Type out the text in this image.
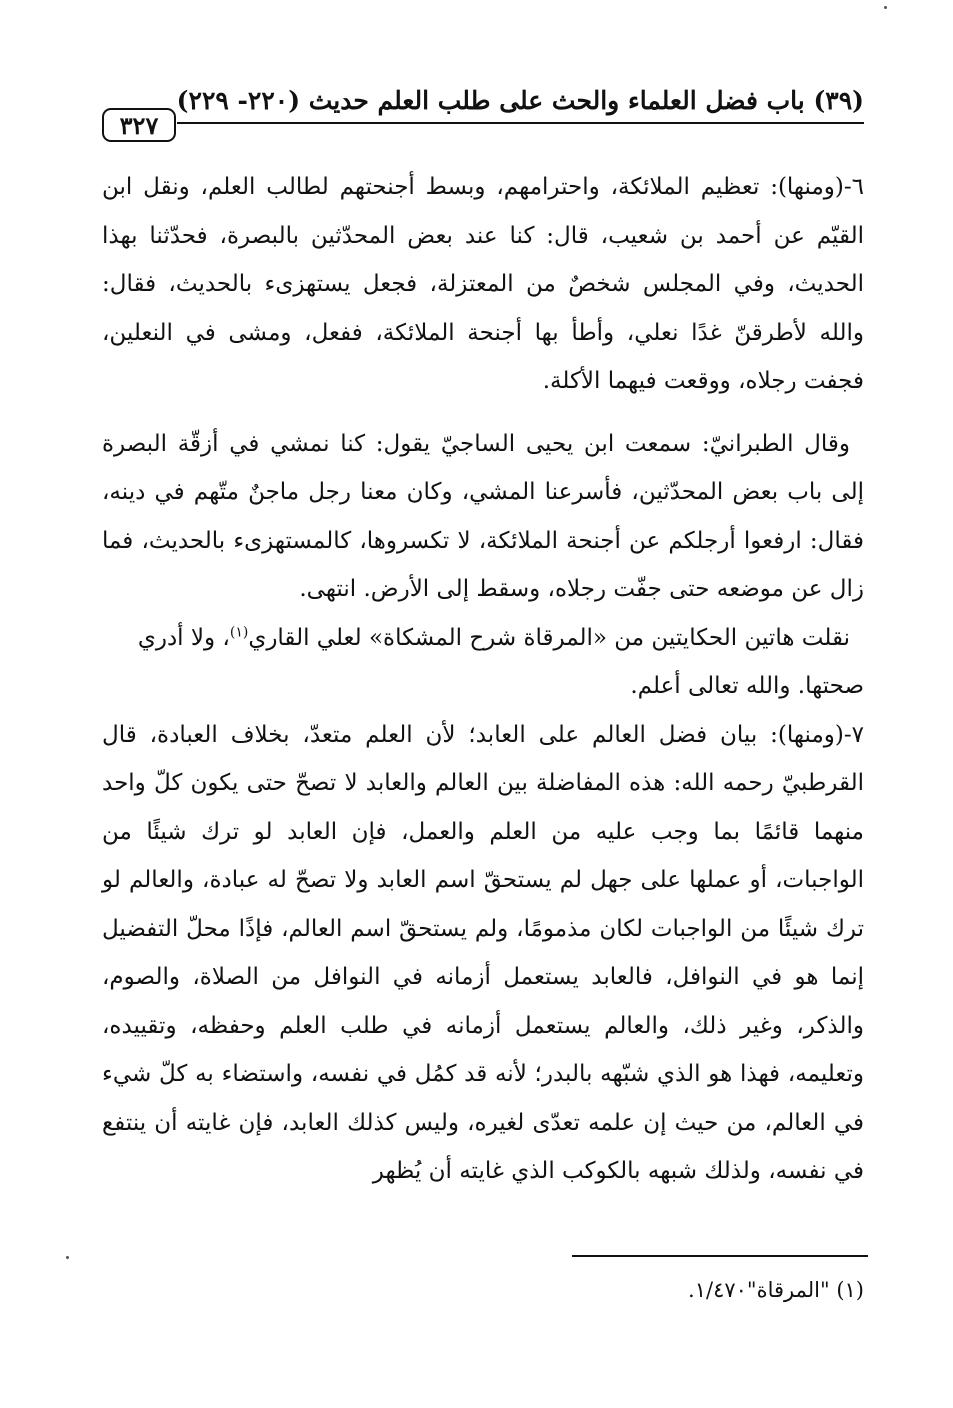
٣٢٧
(٣٩) باب فضل العلماء والحث على طلب العلم حديث (٢٢٠- ٢٢٩)

٦-(ومنها): تعظيم الملائكة، واحترامهم، وبسط أجنحتهم لطالب العلم، ونقل ابن القيّم عن أحمد بن شعيب، قال: كنا عند بعض المحدّثين بالبصرة، فحدّثنا بهذا الحديث، وفي المجلس شخصٌ من المعتزلة، فجعل يستهزىء بالحديث، فقال: والله لأطرقنّ غدًا نعلي، وأطأ بها أجنحة الملائكة، ففعل، ومشى في النعلين، فجفت رجلاه، ووقعت فيهما الأكلة.

وقال الطبرانيّ: سمعت ابن يحيى الساجيّ يقول: كنا نمشي في أزقّة البصرة إلى باب بعض المحدّثين، فأسرعنا المشي، وكان معنا رجل ماجنٌ متّهم في دينه، فقال: ارفعوا أرجلكم عن أجنحة الملائكة، لا تكسروها، كالمستهزىء بالحديث، فما زال عن موضعه حتى جفّت رجلاه، وسقط إلى الأرض. انتهى.

نقلت هاتين الحكايتين من «المرقاة شرح المشكاة» لعلي القاري$^{(١)}$، ولا أدري

صحتها. والله تعالى أعلم.

٧-(ومنها): بيان فضل العالم على العابد؛ لأن العلم متعدّ، بخلاف العبادة، قال القرطبيّ رحمه الله: هذه المفاضلة بين العالم والعابد لا تصحّ حتى يكون كلّ واحد منهما قائمًا بما وجب عليه من العلم والعمل، فإن العابد لو ترك شيئًا من الواجبات، أو عملها على جهل لم يستحقّ اسم العابد ولا تصحّ له عبادة، والعالم لو ترك شيئًا من الواجبات لكان مذمومًا، ولم يستحقّ اسم العالم، فإذًا محلّ التفضيل إنما هو في النوافل، فالعابد يستعمل أزمانه في النوافل من الصلاة، والصوم، والذكر، وغير ذلك، والعالم يستعمل أزمانه في طلب العلم وحفظه، وتقييده، وتعليمه، فهذا هو الذي شبّهه بالبدر؛ لأنه قد كمُل في نفسه، واستضاء به كلّ شيء في العالم، من حيث إن علمه تعدّى لغيره، وليس كذلك العابد، فإن غايته أن ينتفع في نفسه، ولذلك شبهه بالكوكب الذي غايته أن يُظهر

(١) "المرقاة"١/٤٧٠.
